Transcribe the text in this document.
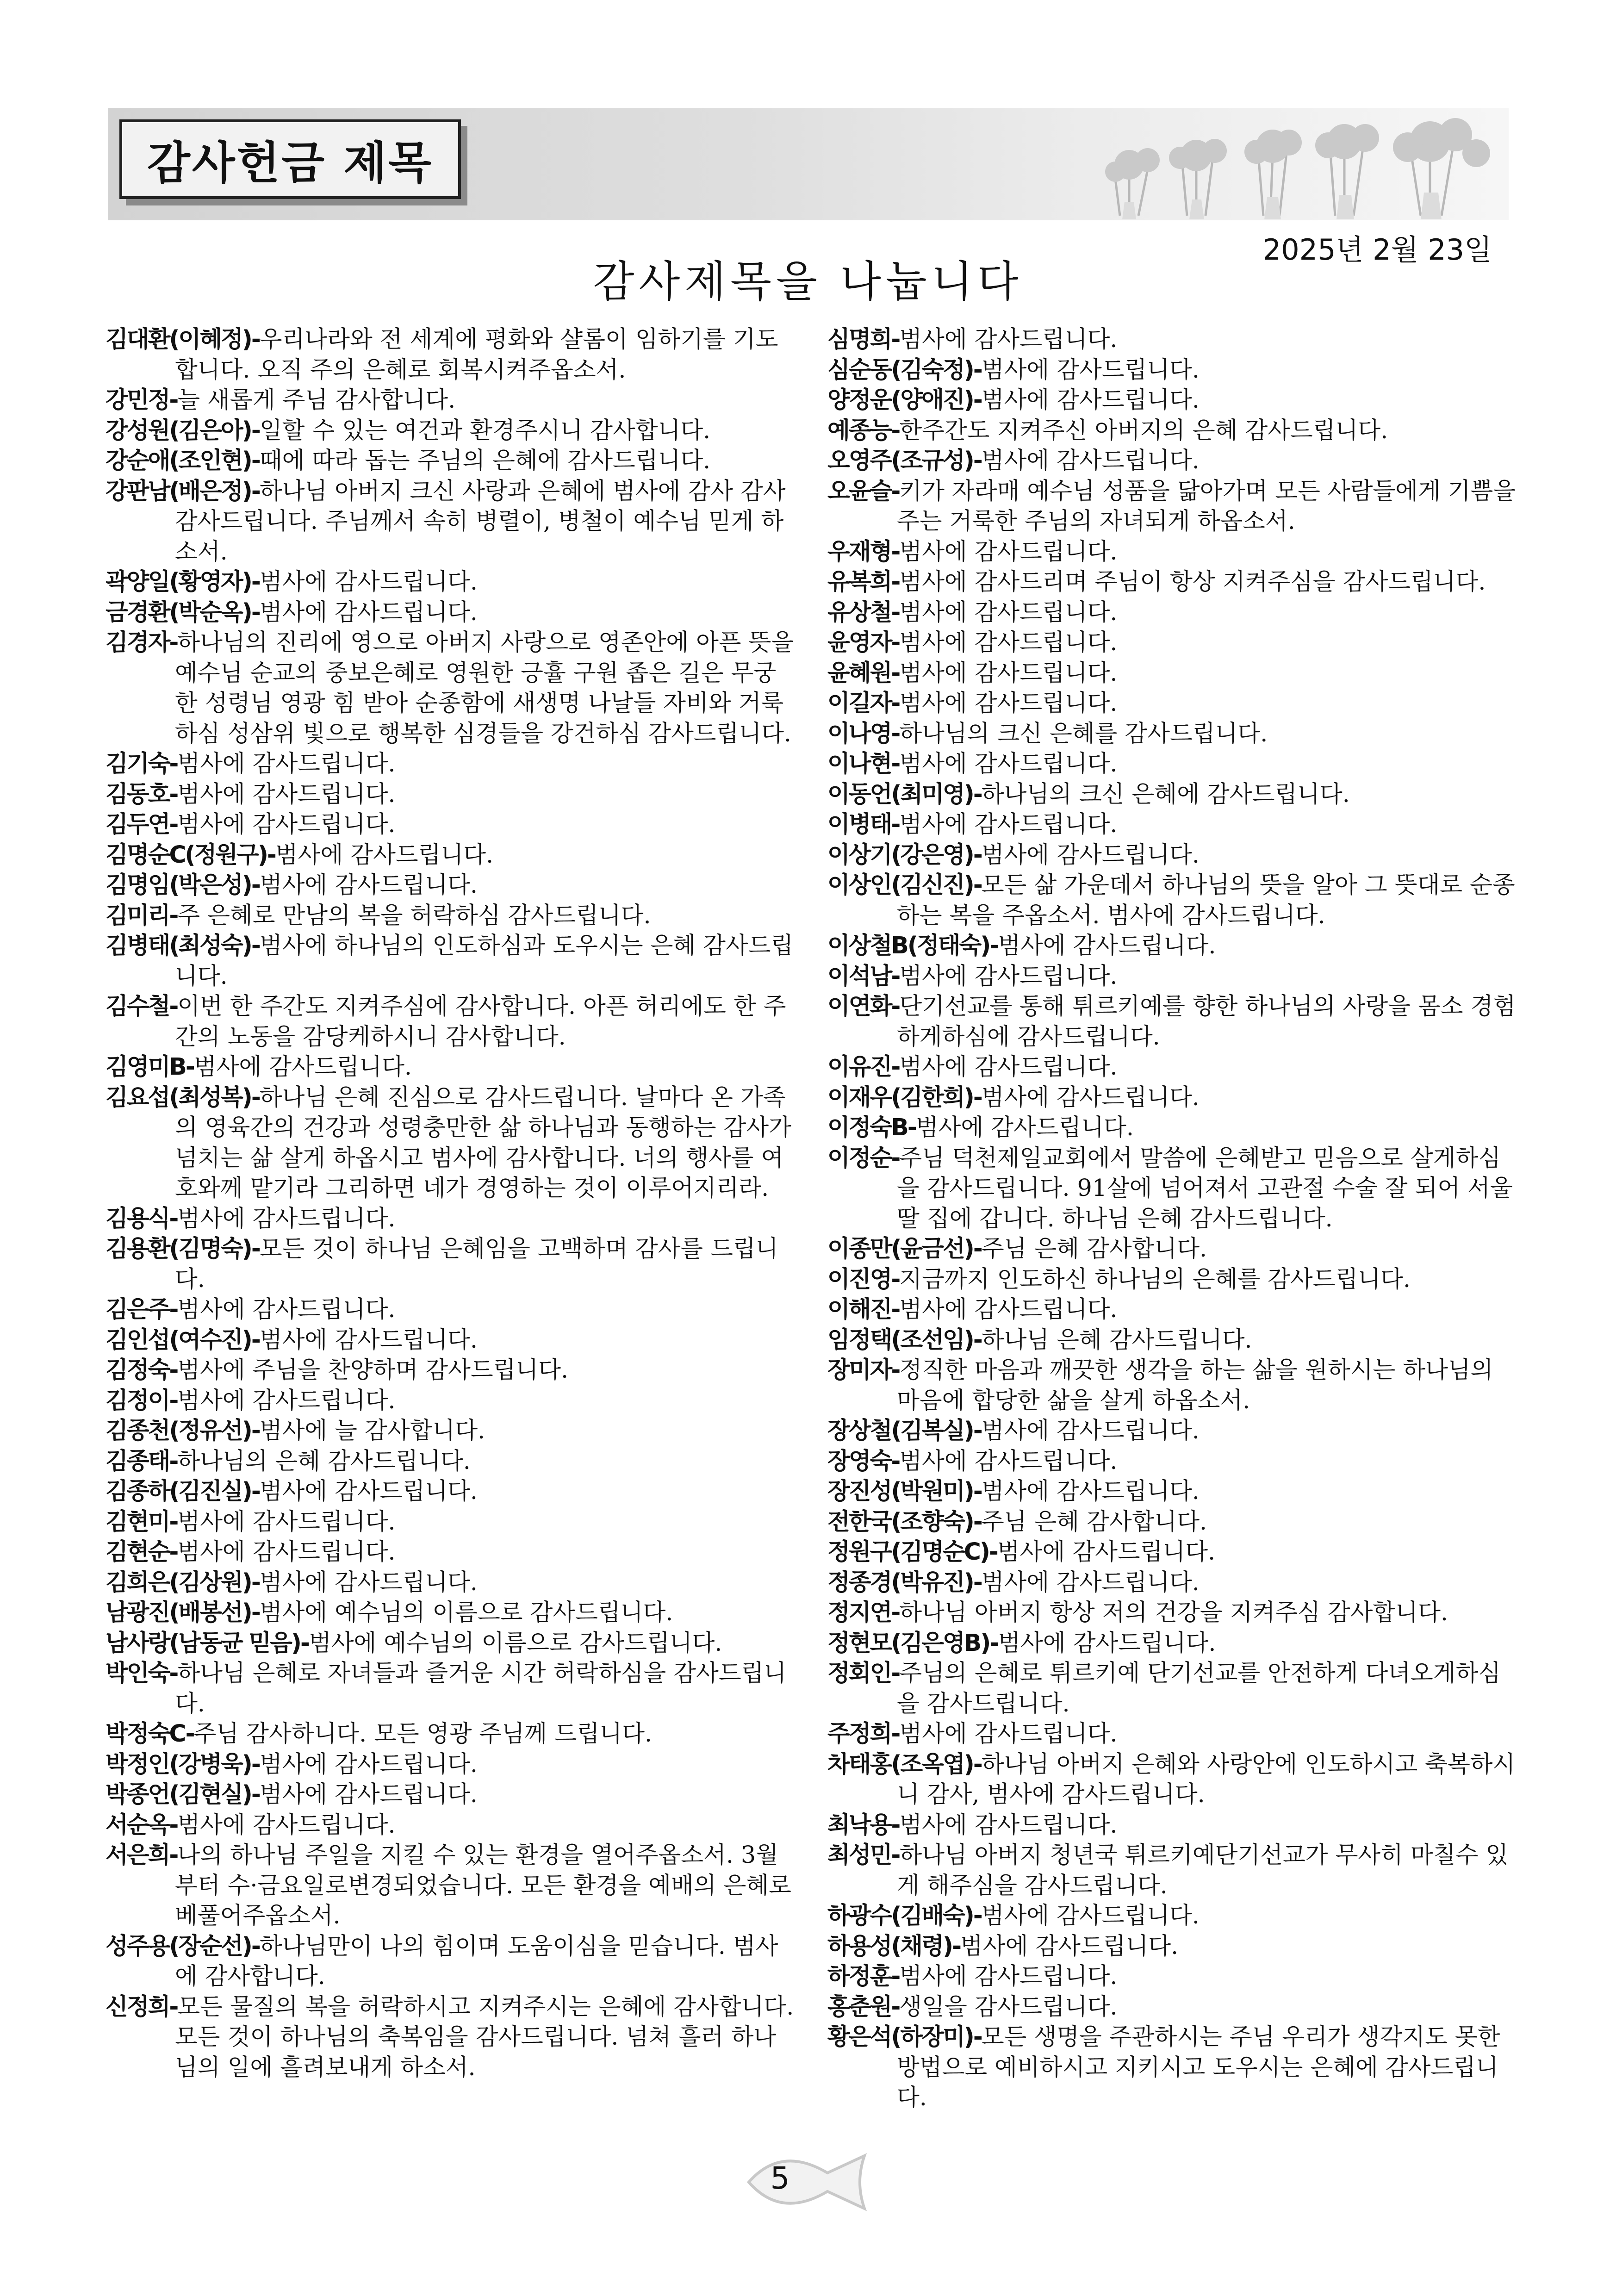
감사헌금 제목
2025년 2월 23일
감사제목을 나눕니다
김대환(이혜정)-우리나라와 전 세계에 평화와 샬롬이 임하기를 기도합니다. 오직 주의 은혜로 회복시켜주옵소서.
강민정-늘 새롭게 주님 감사합니다.
강성원(김은아)-일할 수 있는 여건과 환경주시니 감사합니다.
강순애(조인현)-때에 따라 돕는 주님의 은혜에 감사드립니다.
강판남(배은정)-하나님 아버지 크신 사랑과 은혜에 범사에 감사 감사 감사드립니다. 주님께서 속히 병렬이, 병철이 예수님 믿게 하소서.
곽양일(황영자)-범사에 감사드립니다.
금경환(박순옥)-범사에 감사드립니다.
김경자-하나님의 진리에 영으로 아버지 사랑으로 영존안에 아픈 뜻을 예수님 순교의 중보은혜로 영원한 긍휼 구원 좁은 길은 무궁한 성령님 영광 힘 받아 순종함에 새생명 나날들 자비와 거룩하심 성삼위 빛으로 행복한 심경들을 강건하심 감사드립니다.
김기숙-범사에 감사드립니다.
김동호-범사에 감사드립니다.
김두연-범사에 감사드립니다.
김명순C(정원구)-범사에 감사드립니다.
김명임(박은성)-범사에 감사드립니다.
김미리-주 은혜로 만남의 복을 허락하심 감사드립니다.
김병태(최성숙)-범사에 하나님의 인도하심과 도우시는 은혜 감사드립니다.
김수철-이번 한 주간도 지켜주심에 감사합니다. 아픈 허리에도 한 주간의 노동을 감당케하시니 감사합니다.
김영미B-범사에 감사드립니다.
김요섭(최성복)-하나님 은혜 진심으로 감사드립니다. 날마다 온 가족의 영육간의 건강과 성령충만한 삶 하나님과 동행하는 감사가 넘치는 삶 살게 하옵시고 범사에 감사합니다. 너의 행사를 여호와께 맡기라 그리하면 네가 경영하는 것이 이루어지리라.
김용식-범사에 감사드립니다.
김용환(김명숙)-모든 것이 하나님 은혜임을 고백하며 감사를 드립니다.
김은주-범사에 감사드립니다.
김인섭(여수진)-범사에 감사드립니다.
김정숙-범사에 주님을 찬양하며 감사드립니다.
김정이-범사에 감사드립니다.
김종천(정유선)-범사에 늘 감사합니다.
김종태-하나님의 은혜 감사드립니다.
김종하(김진실)-범사에 감사드립니다.
김현미-범사에 감사드립니다.
김현순-범사에 감사드립니다.
김희은(김상원)-범사에 감사드립니다.
남광진(배봉선)-범사에 예수님의 이름으로 감사드립니다.
남사랑(남동균 믿음)-범사에 예수님의 이름으로 감사드립니다.
박인숙-하나님 은혜로 자녀들과 즐거운 시간 허락하심을 감사드립니다.
박정숙C-주님 감사하니다. 모든 영광 주님께 드립니다.
박정인(강병욱)-범사에 감사드립니다.
박종언(김현실)-범사에 감사드립니다.
서순옥-범사에 감사드립니다.
서은희-나의 하나님 주일을 지킬 수 있는 환경을 열어주옵소서. 3월부터 수·금요일로변경되었습니다. 모든 환경을 예배의 은혜로 베풀어주옵소서.
성주용(장순선)-하나님만이 나의 힘이며 도움이심을 믿습니다. 범사에 감사합니다.
신정희-모든 물질의 복을 허락하시고 지켜주시는 은혜에 감사합니다. 모든 것이 하나님의 축복임을 감사드립니다. 넘쳐 흘러 하나님의 일에 흘려보내게 하소서.
심명희-범사에 감사드립니다.
심순동(김숙정)-범사에 감사드립니다.
양정운(양애진)-범사에 감사드립니다.
예종능-한주간도 지켜주신 아버지의 은혜 감사드립니다.
오영주(조규성)-범사에 감사드립니다.
오윤슬-키가 자라매 예수님 성품을 닮아가며 모든 사람들에게 기쁨을 주는 거룩한 주님의 자녀되게 하옵소서.
우재형-범사에 감사드립니다.
유복희-범사에 감사드리며 주님이 항상 지켜주심을 감사드립니다.
유상철-범사에 감사드립니다.
윤영자-범사에 감사드립니다.
윤혜원-범사에 감사드립니다.
이길자-범사에 감사드립니다.
이나영-하나님의 크신 은혜를 감사드립니다.
이나현-범사에 감사드립니다.
이동언(최미영)-하나님의 크신 은혜에 감사드립니다.
이병태-범사에 감사드립니다.
이상기(강은영)-범사에 감사드립니다.
이상인(김신진)-모든 삶 가운데서 하나님의 뜻을 알아 그 뜻대로 순종하는 복을 주옵소서. 범사에 감사드립니다.
이상철B(정태숙)-범사에 감사드립니다.
이석남-범사에 감사드립니다.
이연화-단기선교를 통해 튀르키예를 향한 하나님의 사랑을 몸소 경험하게하심에 감사드립니다.
이유진-범사에 감사드립니다.
이재우(김한희)-범사에 감사드립니다.
이정숙B-범사에 감사드립니다.
이정순-주님 덕천제일교회에서 말씀에 은혜받고 믿음으로 살게하심을 감사드립니다. 91살에 넘어져서 고관절 수술 잘 되어 서울 딸 집에 갑니다. 하나님 은혜 감사드립니다.
이종만(윤금선)-주님 은혜 감사합니다.
이진영-지금까지 인도하신 하나님의 은혜를 감사드립니다.
이해진-범사에 감사드립니다.
임정택(조선임)-하나님 은혜 감사드립니다.
장미자-정직한 마음과 깨끗한 생각을 하는 삶을 원하시는 하나님의 마음에 합당한 삶을 살게 하옵소서.
장상철(김복실)-범사에 감사드립니다.
장영숙-범사에 감사드립니다.
장진성(박원미)-범사에 감사드립니다.
전한국(조향숙)-주님 은혜 감사합니다.
정원구(김명순C)-범사에 감사드립니다.
정종경(박유진)-범사에 감사드립니다.
정지연-하나님 아버지 항상 저의 건강을 지켜주심 감사합니다.
정현모(김은영B)-범사에 감사드립니다.
정회인-주님의 은혜로 튀르키예 단기선교를 안전하게 다녀오게하심을 감사드립니다.
주정희-범사에 감사드립니다.
차태홍(조옥엽)-하나님 아버지 은혜와 사랑안에 인도하시고 축복하시니 감사, 범사에 감사드립니다.
최낙용-범사에 감사드립니다.
최성민-하나님 아버지 청년국 튀르키예단기선교가 무사히 마칠수 있게 해주심을 감사드립니다.
하광수(김배숙)-범사에 감사드립니다.
하용성(채령)-범사에 감사드립니다.
하정훈-범사에 감사드립니다.
홍춘원-생일을 감사드립니다.
황은석(하장미)-모든 생명을 주관하시는 주님 우리가 생각지도 못한 방법으로 예비하시고 지키시고 도우시는 은혜에 감사드립니다.
5
